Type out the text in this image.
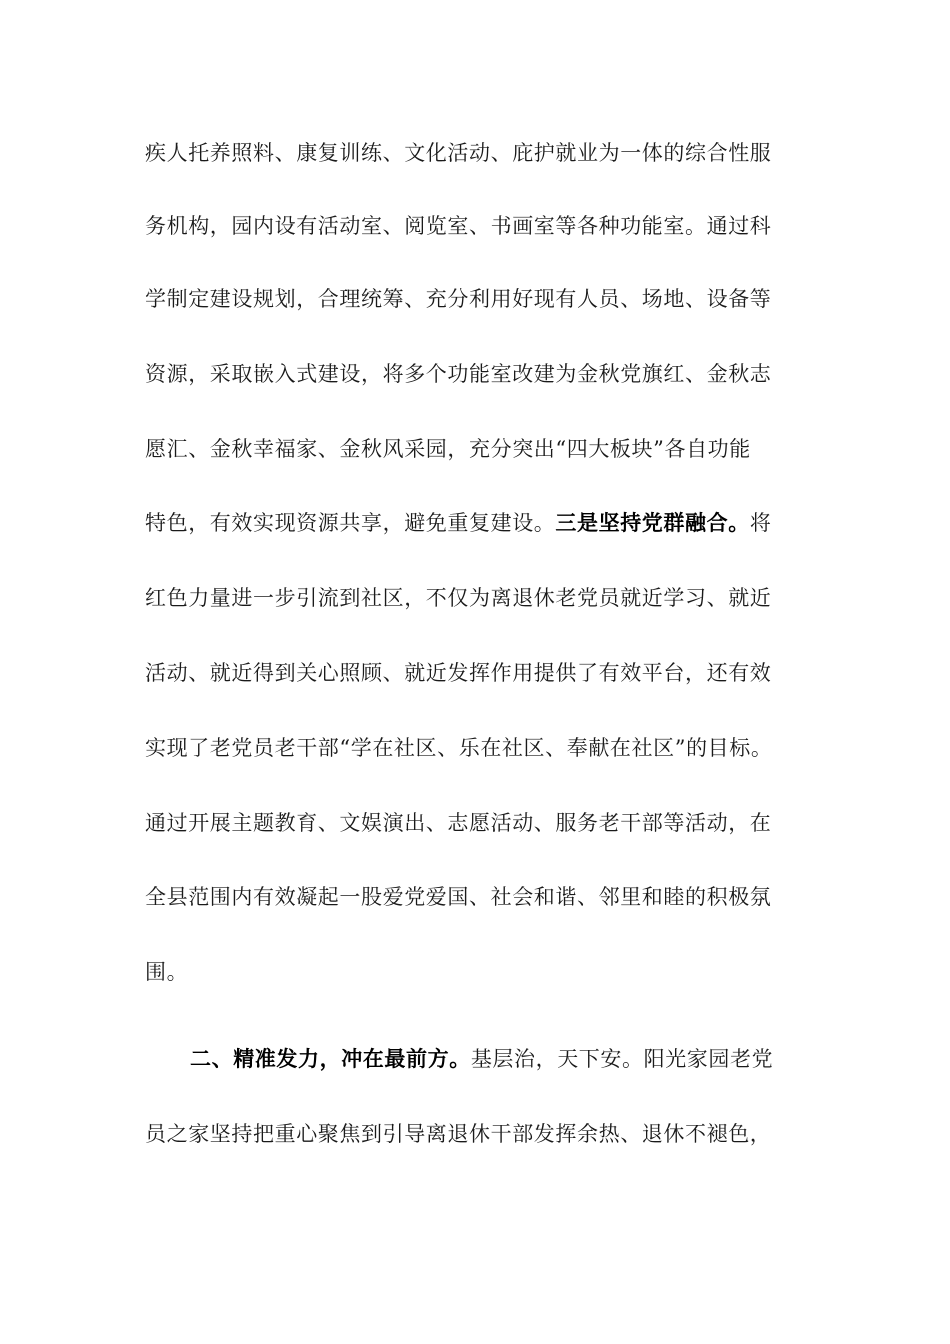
疾人托养照料、康复训练、文化活动、庇护就业为一体的综合性服
务机构，园内设有活动室、阅览室、书画室等各种功能室。通过科
学制定建设规划，合理统筹、充分利用好现有人员、场地、设备等
资源，采取嵌入式建设，将多个功能室改建为金秋党旗红、金秋志
愿汇、金秋幸福家、金秋风采园，充分突出“四大板块”各自功能
特色，有效实现资源共享，避免重复建设。三是坚持党群融合。将
红色力量进一步引流到社区，不仅为离退休老党员就近学习、就近
活动、就近得到关心照顾、就近发挥作用提供了有效平台，还有效
实现了老党员老干部“学在社区、乐在社区、奉献在社区”的目标。
通过开展主题教育、文娱演出、志愿活动、服务老干部等活动，在
全县范围内有效凝起一股爱党爱国、社会和谐、邻里和睦的积极氛
围。
二、精准发力，冲在最前方。基层治，天下安。阳光家园老党
员之家坚持把重心聚焦到引导离退休干部发挥余热、退休不褪色，
